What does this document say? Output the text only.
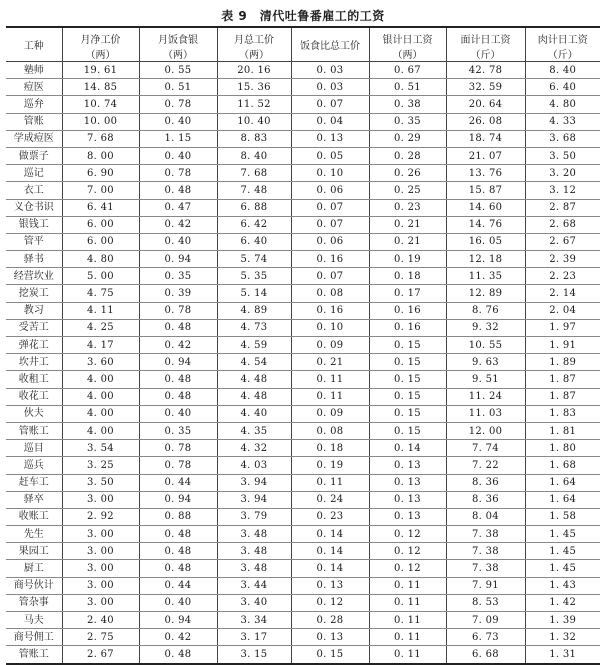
表 9　清代吐鲁番雇工的工资
工种	月净工价	月饭食银	月总工价	饭食比总工价	银计日工资	面计日工资	肉计日工资
	（两）	（两）	（两）		（两）	（斤）	（斤）
塾师	19. 61	0. 55	20. 16	0. 03	0. 67	42. 78	8. 40
痘医	14. 85	0. 51	15. 36	0. 03	0. 51	32. 59	6. 40
巡弁	10. 74	0. 78	11. 52	0. 07	0. 38	20. 64	4. 80
管账	10. 00	0. 40	10. 40	0. 04	0. 35	26. 08	4. 33
学成痘医	7. 68	1. 15	8. 83	0. 13	0. 29	18. 74	3. 68
做票子	8. 00	0. 40	8. 40	0. 05	0. 28	21. 07	3. 50
巡记	6. 90	0. 78	7. 68	0. 10	0. 26	13. 76	3. 20
衣工	7. 00	0. 48	7. 48	0. 06	0. 25	15. 87	3. 12
义仓书识	6. 41	0. 47	6. 88	0. 07	0. 23	14. 60	2. 87
银钱工	6. 00	0. 42	6. 42	0. 07	0. 21	14. 76	2. 68
管平	6. 00	0. 40	6. 40	0. 06	0. 21	16. 05	2. 67
驿书	4. 80	0. 94	5. 74	0. 16	0. 19	12. 18	2. 39
经营坎业	5. 00	0. 35	5. 35	0. 07	0. 18	11. 35	2. 23
挖炭工	4. 75	0. 39	5. 14	0. 08	0. 17	12. 89	2. 14
教习	4. 11	0. 78	4. 89	0. 16	0. 16	8. 76	2. 04
受苦工	4. 25	0. 48	4. 73	0. 10	0. 16	9. 32	1. 97
弹花工	4. 17	0. 42	4. 59	0. 09	0. 15	10. 55	1. 91
坎井工	3. 60	0. 94	4. 54	0. 21	0. 15	9. 63	1. 89
收租工	4. 00	0. 48	4. 48	0. 11	0. 15	9. 51	1. 87
收花工	4. 00	0. 48	4. 48	0. 11	0. 15	11. 24	1. 87
伙夫	4. 00	0. 40	4. 40	0. 09	0. 15	11. 03	1. 83
管账工	4. 00	0. 35	4. 35	0. 08	0. 15	12. 00	1. 81
巡目	3. 54	0. 78	4. 32	0. 18	0. 14	7. 74	1. 80
巡兵	3. 25	0. 78	4. 03	0. 19	0. 13	7. 22	1. 68
赶车工	3. 50	0. 44	3. 94	0. 11	0. 13	8. 36	1. 64
驿卒	3. 00	0. 94	3. 94	0. 24	0. 13	8. 36	1. 64
收账工	2. 92	0. 88	3. 79	0. 23	0. 13	8. 04	1. 58
先生	3. 00	0. 48	3. 48	0. 14	0. 12	7. 38	1. 45
果园工	3. 00	0. 48	3. 48	0. 14	0. 12	7. 38	1. 45
厨工	3. 00	0. 48	3. 48	0. 14	0. 12	7. 38	1. 45
商号伙计	3. 00	0. 44	3. 44	0. 13	0. 11	7. 91	1. 43
管杂事	3. 00	0. 40	3. 40	0. 12	0. 11	8. 53	1. 42
马夫	2. 40	0. 94	3. 34	0. 28	0. 11	7. 09	1. 39
商号佣工	2. 75	0. 42	3. 17	0. 13	0. 11	6. 73	1. 32
管账工	2. 67	0. 48	3. 15	0. 15	0. 11	6. 68	1. 31
